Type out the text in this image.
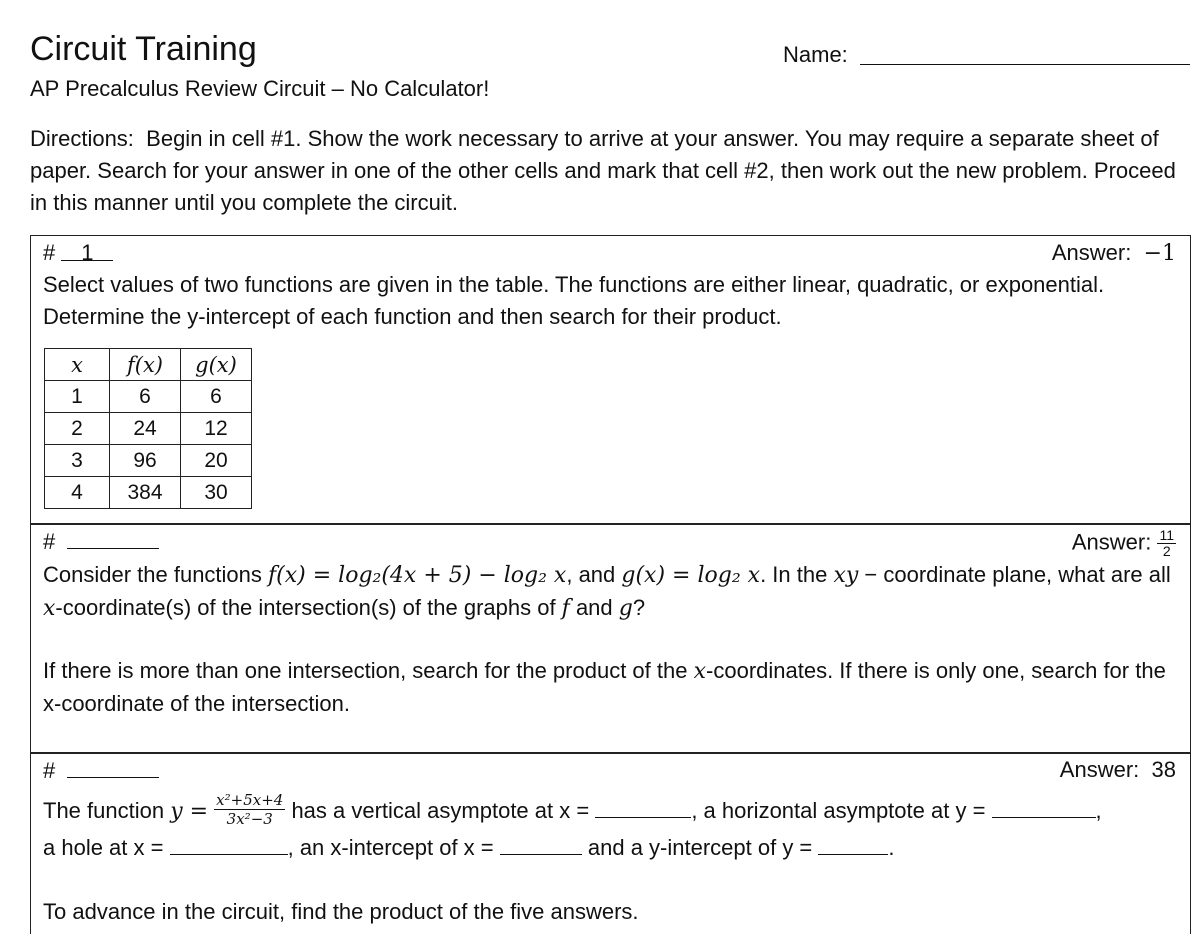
Circuit Training	Name:
AP Precalculus Review Circuit – No Calculator!
Directions: Begin in cell #1. Show the work necessary to arrive at your answer. You may require a separate sheet of paper. Search for your answer in one of the other cells and mark that cell #2, then work out the new problem. Proceed in this manner until you complete the circuit.
# 1	Answer: −1
Select values of two functions are given in the table. The functions are either linear, quadratic, or exponential. Determine the y-intercept of each function and then search for their product.
x	f(x)	g(x)
1	6	6
2	24	12
3	96	20
4	384	30
#	Answer: $\frac{11}{2}$
Consider the functions f(x) = log₂(4x + 5) − log₂ x, and g(x) = log₂ x. In the xy − coordinate plane, what are all x-coordinate(s) of the intersection(s) of the graphs of f and g?
If there is more than one intersection, search for the product of the x-coordinates. If there is only one, search for the x-coordinate of the intersection.
#	Answer: 38
The function $y = \frac{\text{x²+5x+4}}{\text{3x²−3}}$ has a vertical asymptote at x =	, a horizontal asymptote at y =	,
a hole at x =	, an x-intercept of x =	and a y-intercept of y =	.
To advance in the circuit, find the product of the five answers.
